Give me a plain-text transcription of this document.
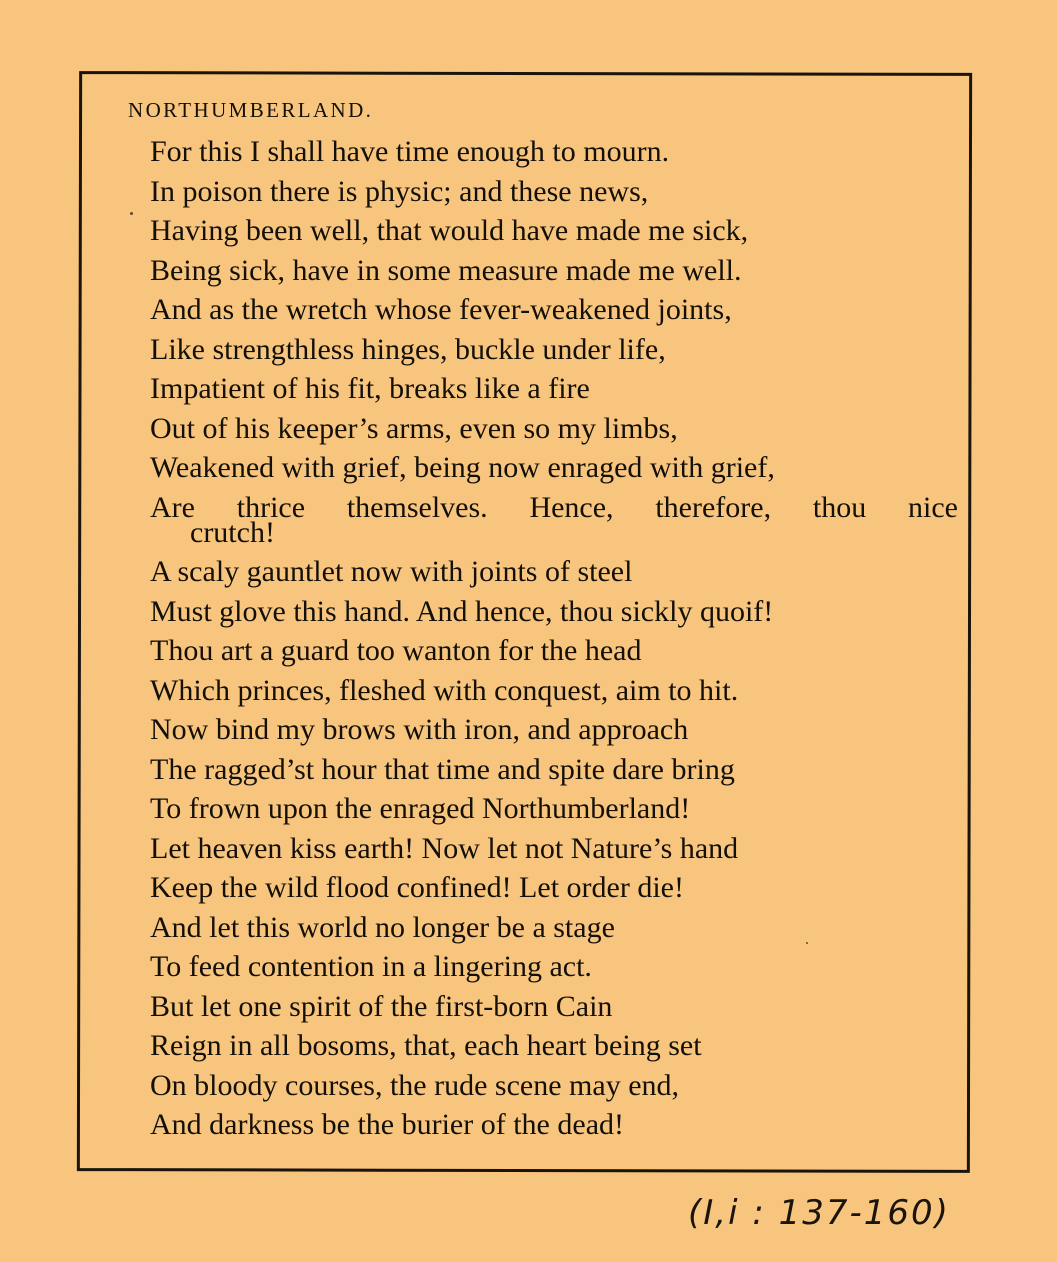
NORTHUMBERLAND.
For this I shall have time enough to mourn.
In poison there is physic; and these news,
Having been well, that would have made me sick,
Being sick, have in some measure made me well.
And as the wretch whose fever-weakened joints,
Like strengthless hinges, buckle under life,
Impatient of his fit, breaks like a fire
Out of his keeper’s arms, even so my limbs,
Weakened with grief, being now enraged with grief,
Are thrice themselves. Hence, therefore, thou nice
crutch!
A scaly gauntlet now with joints of steel
Must glove this hand. And hence, thou sickly quoif!
Thou art a guard too wanton for the head
Which princes, fleshed with conquest, aim to hit.
Now bind my brows with iron, and approach
The ragged’st hour that time and spite dare bring
To frown upon the enraged Northumberland!
Let heaven kiss earth! Now let not Nature’s hand
Keep the wild flood confined! Let order die!
And let this world no longer be a stage
To feed contention in a lingering act.
But let one spirit of the first-born Cain
Reign in all bosoms, that, each heart being set
On bloody courses, the rude scene may end,
And darkness be the burier of the dead!
(I,i : 137-160)
